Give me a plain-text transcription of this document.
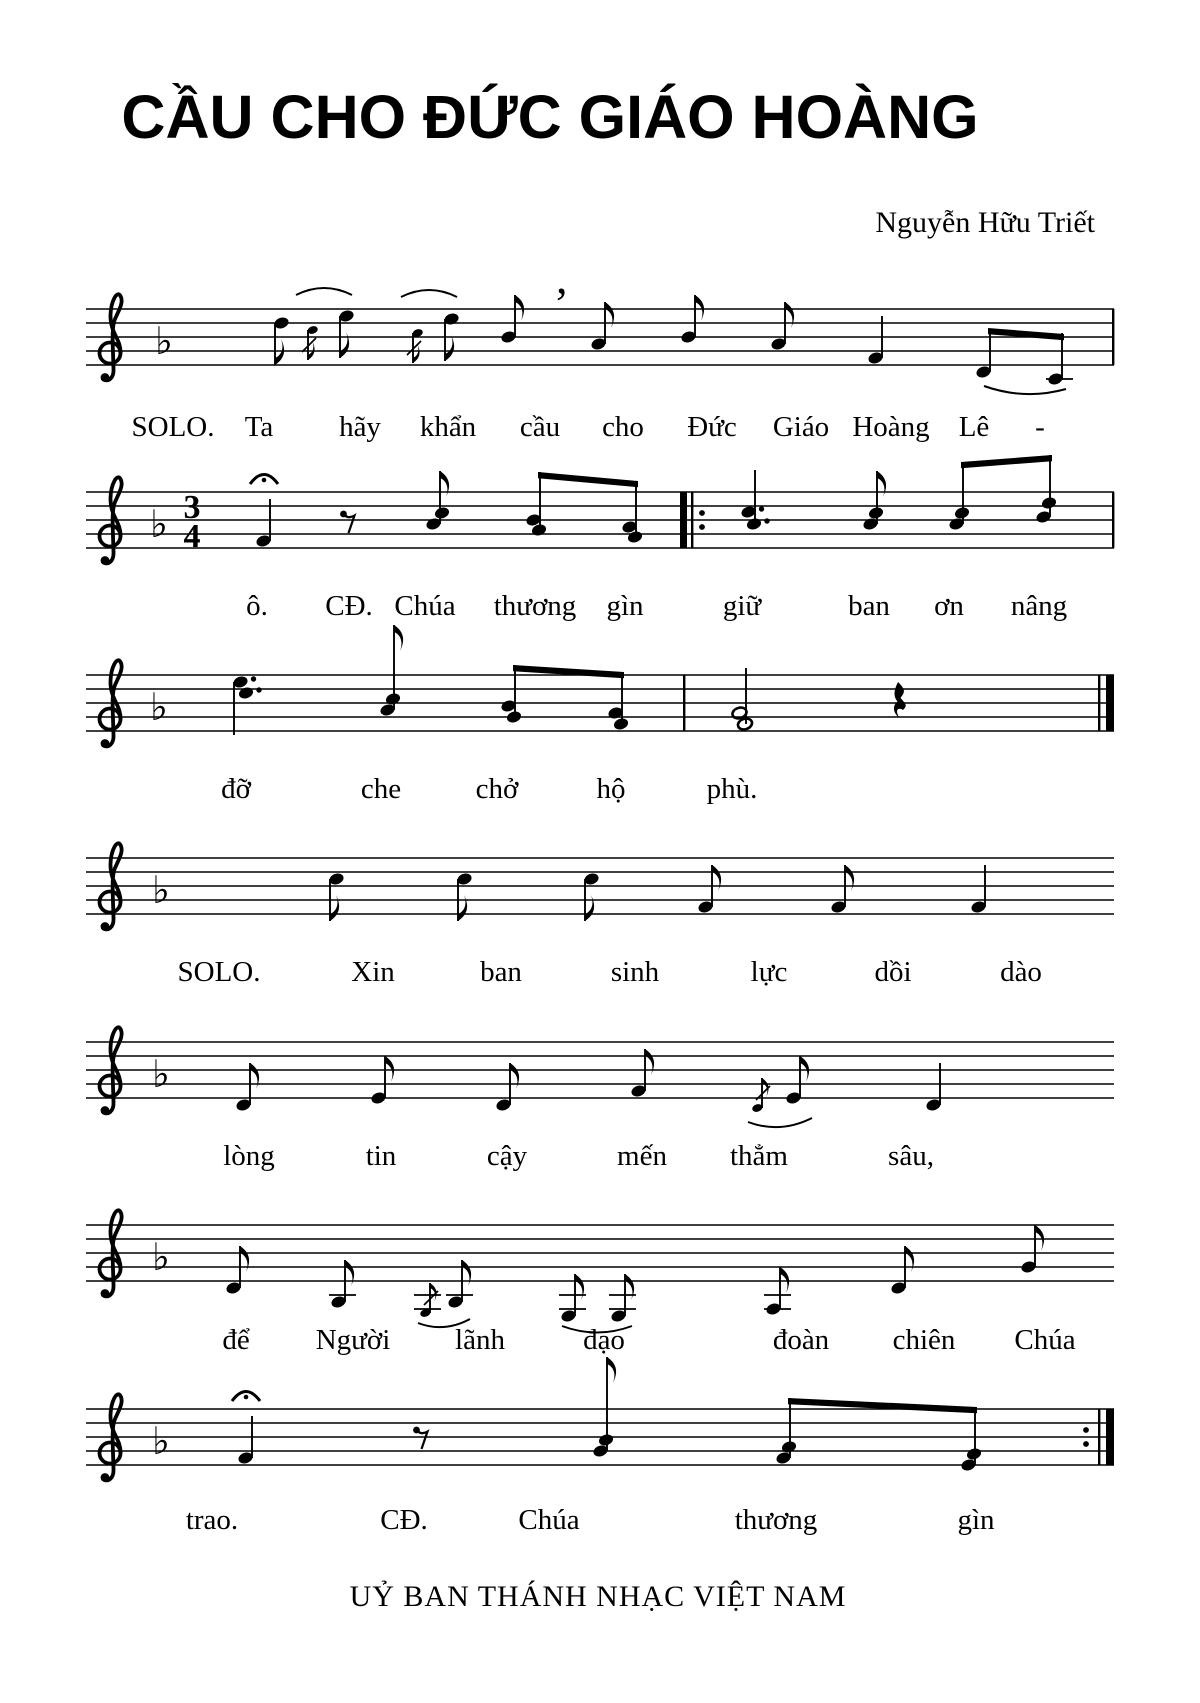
CẦU CHO ĐỨC GIÁO HOÀNG
Nguyễn Hữu Triết
♭
,
♭ 3
4
♭
♭
♭
♭
♭
SOLO. Ta hãy khẩn cầu cho Đức Giáo Hoàng Lê -
ô. CĐ. Chúa thương gìn	giữ	ban ơn nâng
đỡ	che	chở	hộ	phù.
SOLO.	Xin	ban	sinh	lực	dồi	dào
lòng	tin	cậy	mến thẳm	sâu,
để Người lãnh	đạo	đoàn chiên Chúa
trao.	CĐ.	Chúa	thương	gìn
UỶ BAN THÁNH NHẠC VIỆT NAM
